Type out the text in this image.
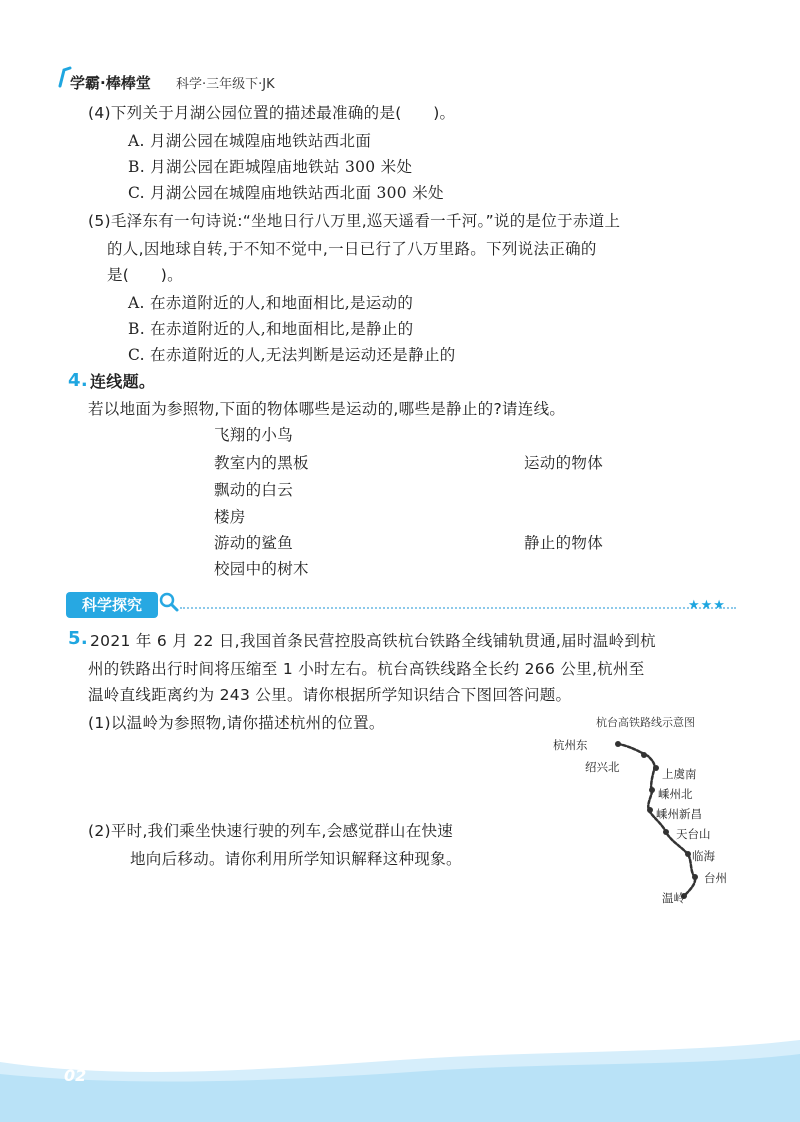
学霸·棒棒堂 科学·三年级下·JK
(4)下列关于月湖公园位置的描述最准确的是(　　)。
A. 月湖公园在城隍庙地铁站西北面
B. 月湖公园在距城隍庙地铁站 300 米处
C. 月湖公园在城隍庙地铁站西北面 300 米处
(5)毛泽东有一句诗说:“坐地日行八万里,巡天遥看一千河。”说的是位于赤道上
的人,因地球自转,于不知不觉中,一日已行了八万里路。下列说法正确的
是(　　)。
A. 在赤道附近的人,和地面相比,是运动的
B. 在赤道附近的人,和地面相比,是静止的
C. 在赤道附近的人,无法判断是运动还是静止的
4. 连线题。
若以地面为参照物,下面的物体哪些是运动的,哪些是静止的?请连线。
飞翔的小鸟
教室内的黑板
飘动的白云
楼房
游动的鲨鱼
校园中的树木
运动的物体
静止的物体
科学探究	★★★
5. 2021 年 6 月 22 日,我国首条民营控股高铁杭台铁路全线铺轨贯通,届时温岭到杭
州的铁路出行时间将压缩至 1 小时左右。杭台高铁线路全长约 266 公里,杭州至
温岭直线距离约为 243 公里。请你根据所学知识结合下图回答问题。
(1)以温岭为参照物,请你描述杭州的位置。
(2)平时,我们乘坐快速行驶的列车,会感觉群山在快速
地向后移动。请你利用所学知识解释这种现象。
杭台高铁路线示意图
杭州东
绍兴北	上虞南
嵊州北
嵊州新昌
天台山
临海
台州
温岭
02
